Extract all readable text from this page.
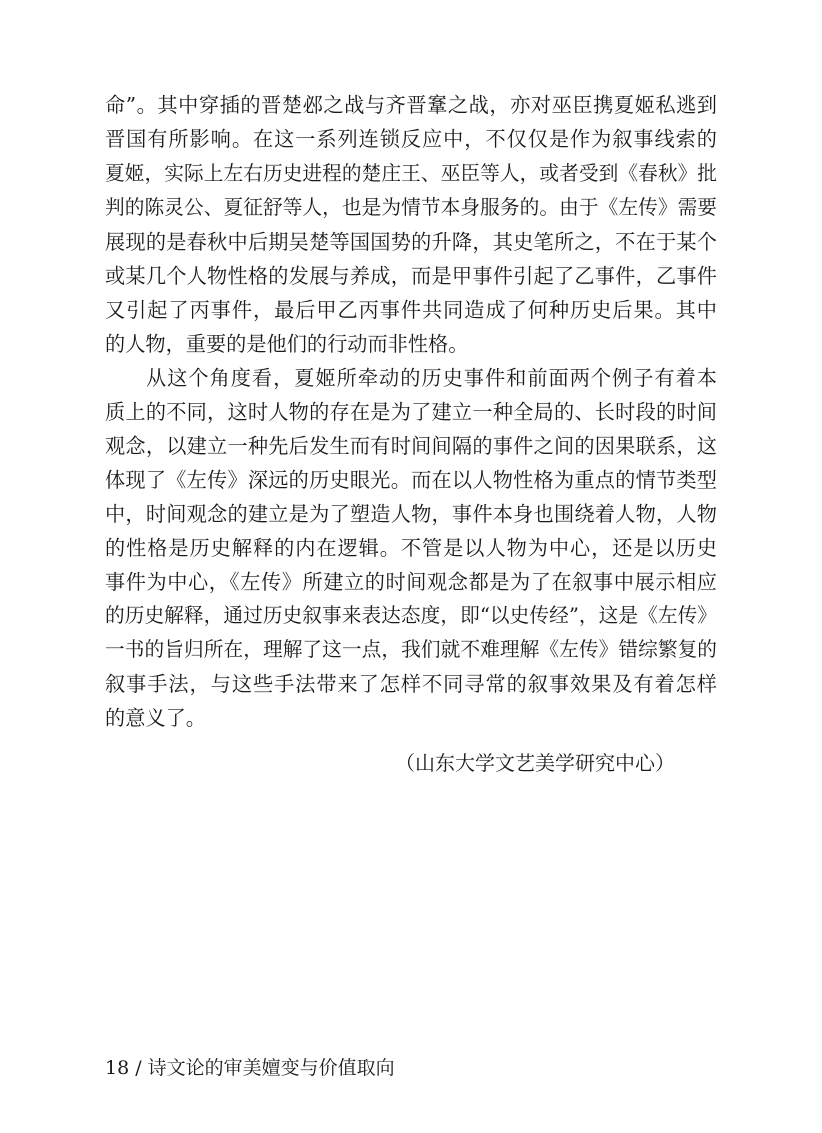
命”。其中穿插的晋楚邲之战与齐晋鞌之战，亦对巫臣携夏姬私逃到
晋国有所影响。在这一系列连锁反应中，不仅仅是作为叙事线索的
夏姬，实际上左右历史进程的楚庄王、巫臣等人，或者受到《春秋》批
判的陈灵公、夏征舒等人，也是为情节本身服务的。由于《左传》需要
展现的是春秋中后期吴楚等国国势的升降，其史笔所之，不在于某个
或某几个人物性格的发展与养成，而是甲事件引起了乙事件，乙事件
又引起了丙事件，最后甲乙丙事件共同造成了何种历史后果。其中
的人物，重要的是他们的行动而非性格。
从这个角度看，夏姬所牵动的历史事件和前面两个例子有着本
质上的不同，这时人物的存在是为了建立一种全局的、长时段的时间
观念，以建立一种先后发生而有时间间隔的事件之间的因果联系，这
体现了《左传》深远的历史眼光。而在以人物性格为重点的情节类型
中，时间观念的建立是为了塑造人物，事件本身也围绕着人物，人物
的性格是历史解释的内在逻辑。不管是以人物为中心，还是以历史
事件为中心，《左传》所建立的时间观念都是为了在叙事中展示相应
的历史解释，通过历史叙事来表达态度，即“以史传经”，这是《左传》
一书的旨归所在，理解了这一点，我们就不难理解《左传》错综繁复的
叙事手法，与这些手法带来了怎样不同寻常的叙事效果及有着怎样
的意义了。
（山东大学文艺美学研究中心）
18 / 诗文论的审美嬗变与价值取向
